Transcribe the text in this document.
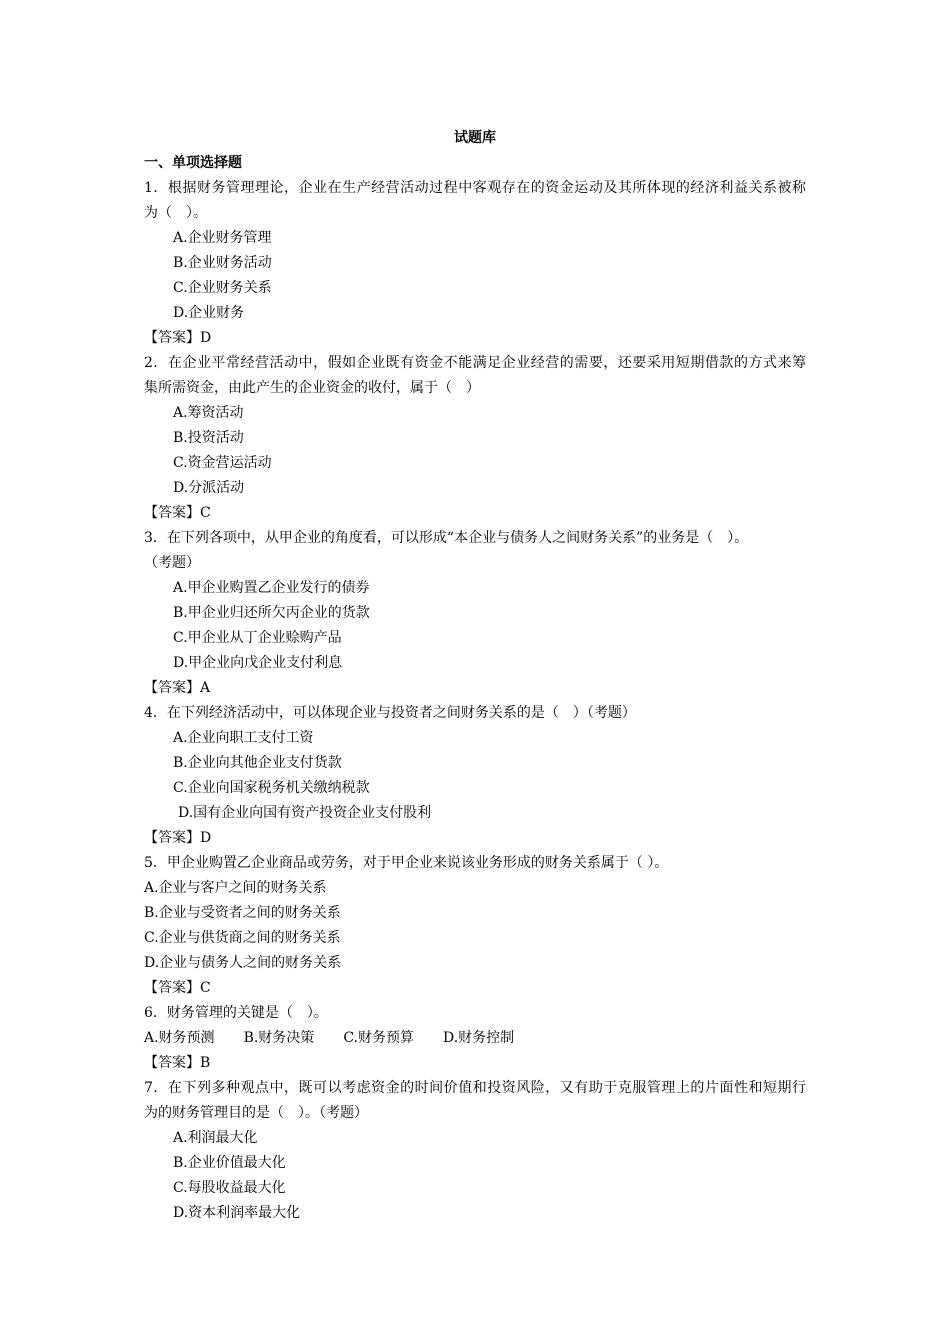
试题库
一、单项选择题
1．根据财务管理理论，企业在生产经营活动过程中客观存在的资金运动及其所体现的经济利益关系被称
为（　）。
A.企业财务管理
B.企业财务活动
C.企业财务关系
D.企业财务
【答案】D
2．在企业平常经营活动中，假如企业既有资金不能满足企业经营的需要，还要采用短期借款的方式来筹
集所需资金，由此产生的企业资金的收付，属于（　）
A.筹资活动
B.投资活动
C.资金营运活动
D.分派活动
【答案】C
3．在下列各项中，从甲企业的角度看，可以形成“本企业与债务人之间财务关系”的业务是（　）。
（考题）
A.甲企业购置乙企业发行的债券
B.甲企业归还所欠丙企业的货款
C.甲企业从丁企业赊购产品
D.甲企业向戊企业支付利息
【答案】A
4．在下列经济活动中，可以体现企业与投资者之间财务关系的是（　）（考题）
A.企业向职工支付工资
B.企业向其他企业支付货款
C.企业向国家税务机关缴纳税款
D.国有企业向国有资产投资企业支付股利
【答案】D
5．甲企业购置乙企业商品或劳务，对于甲企业来说该业务形成的财务关系属于（ ）。
A.企业与客户之间的财务关系
B.企业与受资者之间的财务关系
C.企业与供货商之间的财务关系
D.企业与债务人之间的财务关系
【答案】C
6．财务管理的关键是（　）。
A.财务预测 B.财务决策 C.财务预算 D.财务控制
【答案】B
7．在下列多种观点中，既可以考虑资金的时间价值和投资风险，又有助于克服管理上的片面性和短期行
为的财务管理目的是（　）。（考题）
A.利润最大化
B.企业价值最大化
C.每股收益最大化
D.资本利润率最大化
